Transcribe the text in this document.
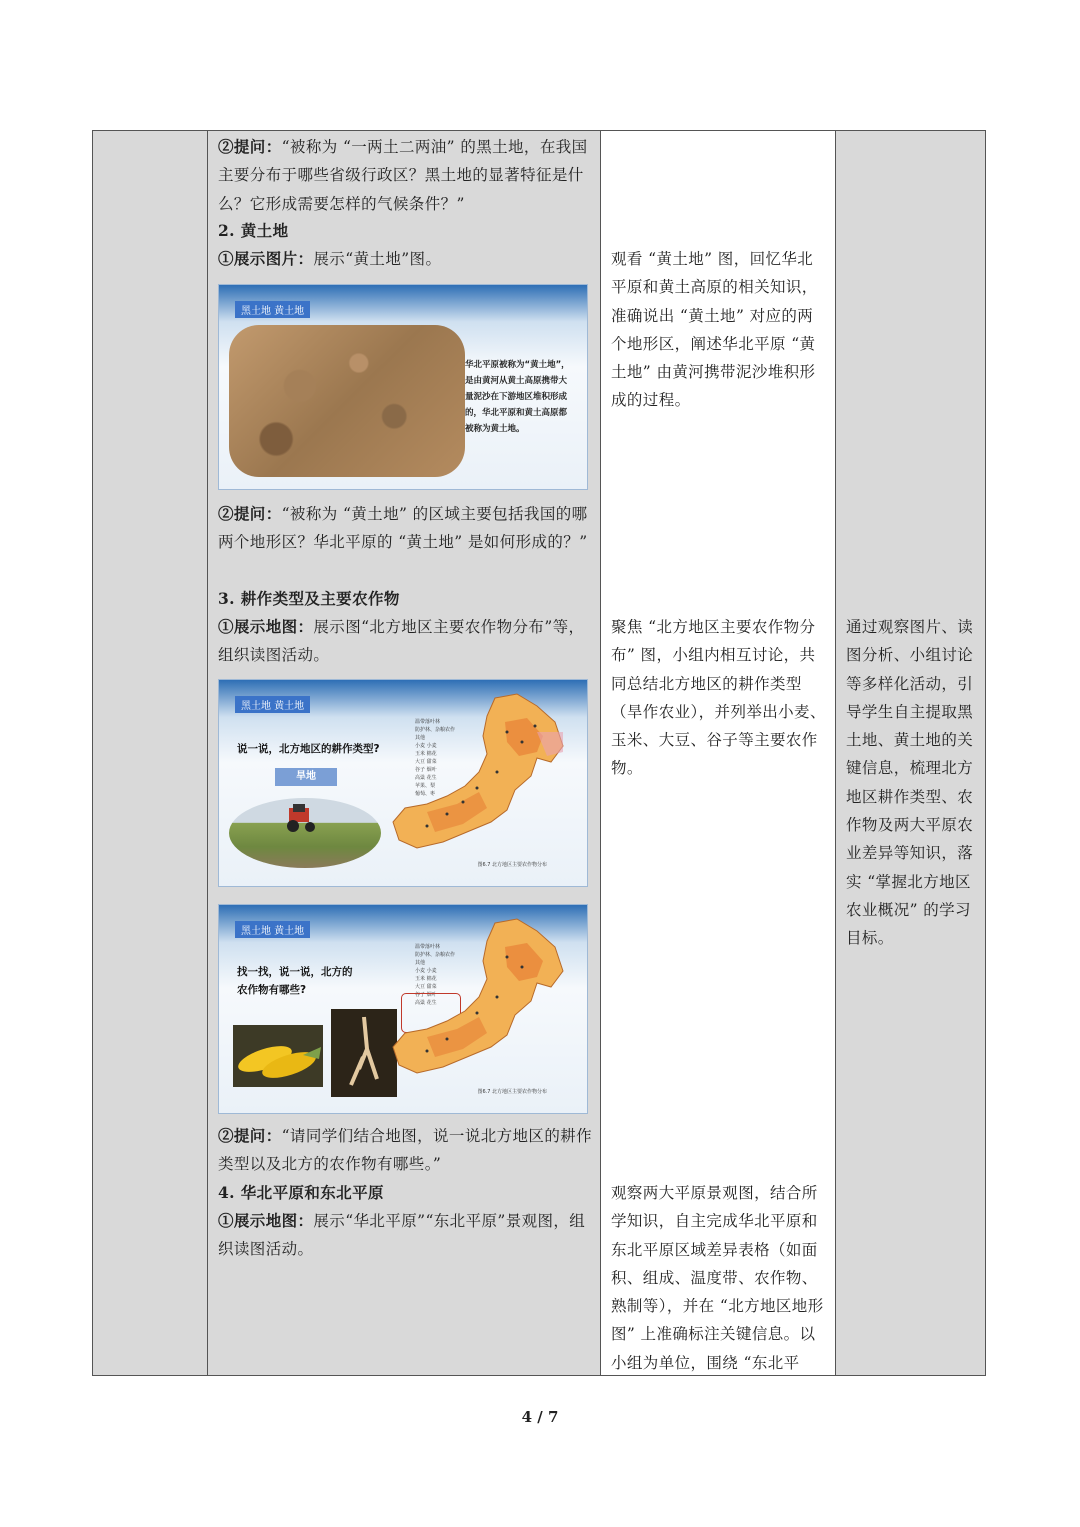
②提问：“被称为 “一两土二两油” 的黑土地，在我国主要分布于哪些省级行政区？黑土地的显著特征是什么？它形成需要怎样的气候条件？”

2. 黄土地

①展示图片：展示“黄土地”图。

黑土地 黄土地
华北平原被称为“黄土地”，是由黄河从黄土高原携带大量泥沙在下游地区堆积形成的，华北平原和黄土高原都被称为黄土地。

②提问：“被称为 “黄土地” 的区域主要包括我国的哪两个地形区？华北平原的 “黄土地” 是如何形成的？”

3. 耕作类型及主要农作物

①展示地图：展示图“北方地区主要农作物分布”等，组织读图活动。

黑土地 黄土地
说一说，北方地区的耕作类型?
旱地
温带落叶林
防护林、杂粮农作
其他
小麦 小麦
玉米 棉花
大豆 甜菜
谷子 烟叶
高粱 花生
苹果、梨
葡萄、枣
图6.7 北方地区主要农作物分布
黑土地 黄土地
找一找，说一说，北方的农作物有哪些?
温带落叶林
防护林、杂粮农作
其他
小麦 小麦
玉米 棉花
大豆 甜菜
谷子 烟叶
高粱 花生
图6.7 北方地区主要农作物分布

②提问：“请同学们结合地图，说一说北方地区的耕作类型以及北方的农作物有哪些。”

4. 华北平原和东北平原

①展示地图：展示“华北平原”“东北平原”景观图，组织读图活动。

观看 “黄土地” 图，回忆华北平原和黄土高原的相关知识，准确说出 “黄土地” 对应的两个地形区，阐述华北平原 “黄土地” 由黄河携带泥沙堆积形成的过程。

聚焦 “北方地区主要农作物分布” 图，小组内相互讨论，共同总结北方地区的耕作类型（旱作农业），并列举出小麦、玉米、大豆、谷子等主要农作物。

观察两大平原景观图，结合所学知识，自主完成华北平原和东北平原区域差异表格（如面积、组成、温度带、农作物、熟制等），并在 “北方地区地形图” 上准确标注关键信息。以小组为单位，围绕 “东北平

通过观察图片、读图分析、小组讨论等多样化活动，引导学生自主提取黑土地、黄土地的关键信息，梳理北方地区耕作类型、农作物及两大平原农业差异等知识，落实 “掌握北方地区农业概况” 的学习目标。

4 / 7
